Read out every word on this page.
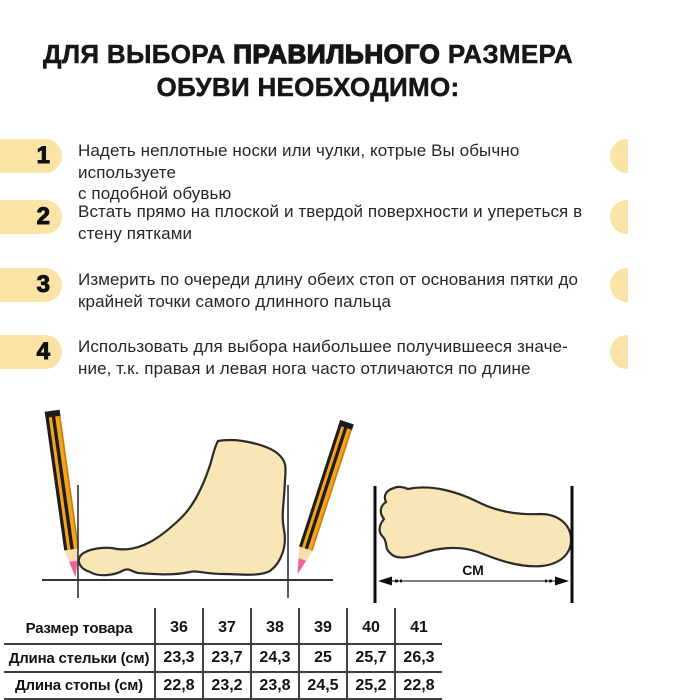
ДЛЯ ВЫБОРА ПРАВИЛЬНОГО РАЗМЕРА
ОБУВИ НЕОБХОДИМО:
1 Надеть неплотные носки или чулки, котрые Вы обычно используете
с подобной обувью
2 Встать прямо на плоской и твердой поверхности и упереться в
стену пятками
3 Измерить по очереди длину обеих стоп от основания пятки до
крайней точки самого длинного пальца
4 Использовать для выбора наибольшее получившееся значе-
ние, т.к. правая и левая нога часто отличаются по длине
СМ
Размер товара	36	37	38	39	40	41
Длина стельки (см) 23,3	23,7	24,3	25	25,7	26,3
Длина стопы (см)	22,8	23,2	23,8	24,5	25,2	22,8
